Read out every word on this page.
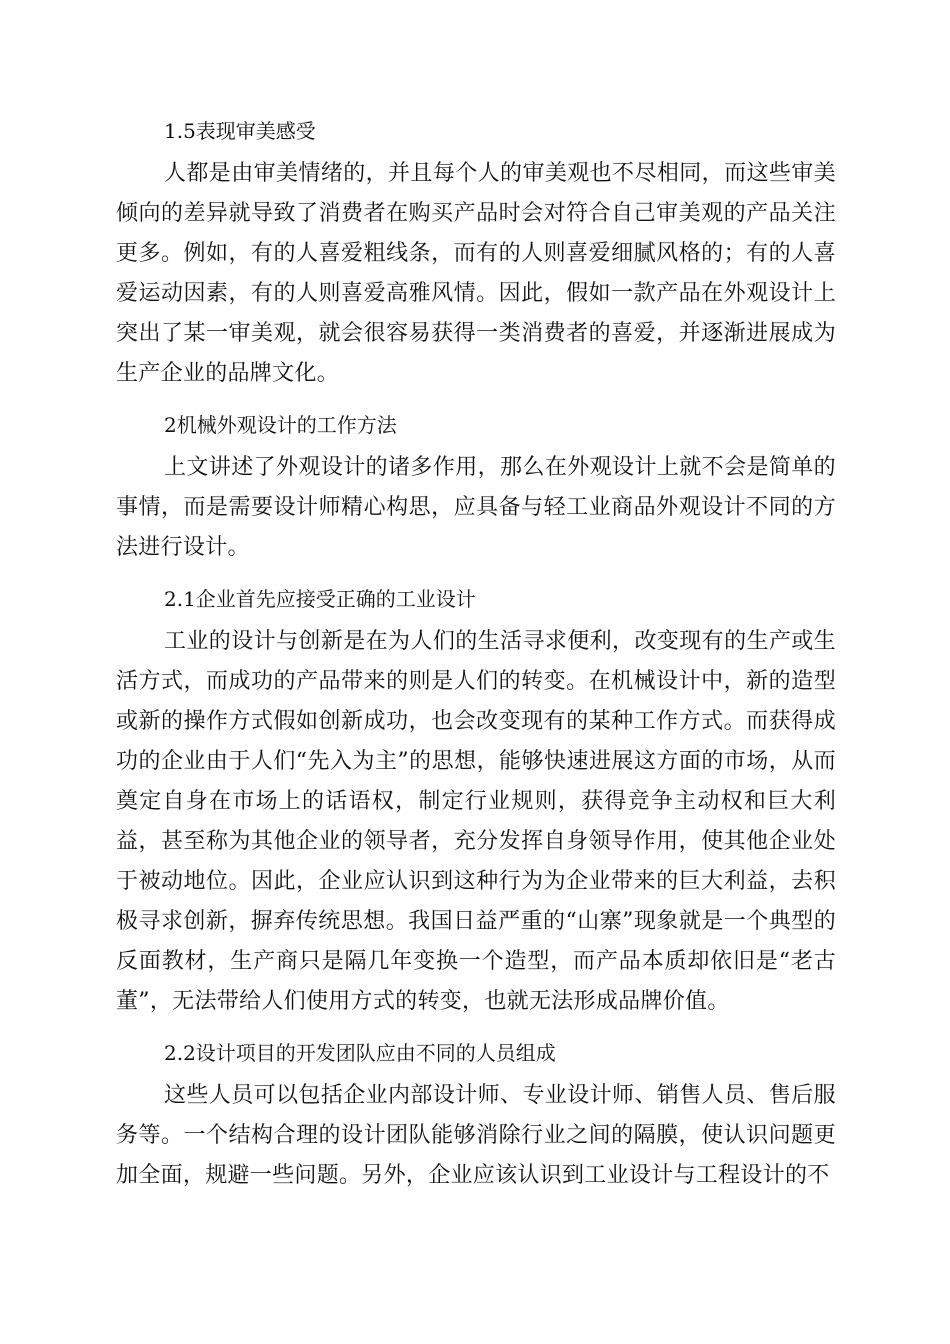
1.5表现审美感受

人都是由审美情绪的，并且每个人的审美观也不尽相同，而这些审美倾向的差异就导致了消费者在购买产品时会对符合自己审美观的产品关注更多。例如，有的人喜爱粗线条，而有的人则喜爱细腻风格的；有的人喜爱运动因素，有的人则喜爱高雅风情。因此，假如一款产品在外观设计上突出了某一审美观，就会很容易获得一类消费者的喜爱，并逐渐进展成为生产企业的品牌文化。

2机械外观设计的工作方法

上文讲述了外观设计的诸多作用，那么在外观设计上就不会是简单的事情，而是需要设计师精心构思，应具备与轻工业商品外观设计不同的方法进行设计。

2.1企业首先应接受正确的工业设计

工业的设计与创新是在为人们的生活寻求便利，改变现有的生产或生活方式，而成功的产品带来的则是人们的转变。在机械设计中，新的造型或新的操作方式假如创新成功，也会改变现有的某种工作方式。而获得成功的企业由于人们“先入为主”的思想，能够快速进展这方面的市场，从而奠定自身在市场上的话语权，制定行业规则，获得竞争主动权和巨大利益，甚至称为其他企业的领导者，充分发挥自身领导作用，使其他企业处于被动地位。因此，企业应认识到这种行为为企业带来的巨大利益，去积极寻求创新，摒弃传统思想。我国日益严重的“山寨”现象就是一个典型的反面教材，生产商只是隔几年变换一个造型，而产品本质却依旧是“老古董”，无法带给人们使用方式的转变，也就无法形成品牌价值。

2.2设计项目的开发团队应由不同的人员组成

这些人员可以包括企业内部设计师、专业设计师、销售人员、售后服务等。一个结构合理的设计团队能够消除行业之间的隔膜，使认识问题更加全面，规避一些问题。另外，企业应该认识到工业设计与工程设计的不
